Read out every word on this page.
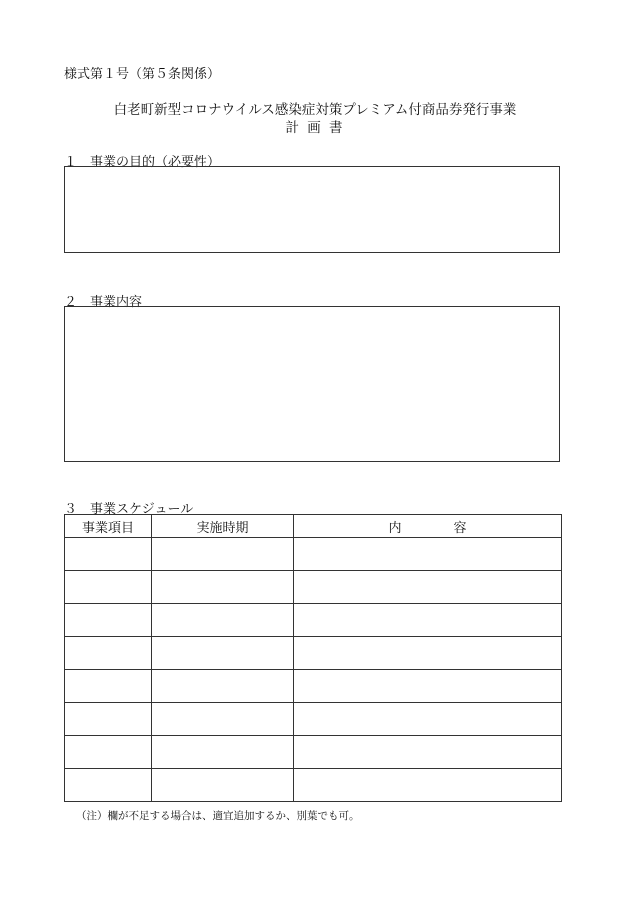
様式第１号（第５条関係）
白老町新型コロナウイルス感染症対策プレミアム付商品券発行事業
計 画 書
１　事業の目的（必要性）
２　事業内容
３　事業スケジュール
事業項目	実施時期	内　　　　容

（注）欄が不足する場合は、適宜追加するか、別葉でも可。
